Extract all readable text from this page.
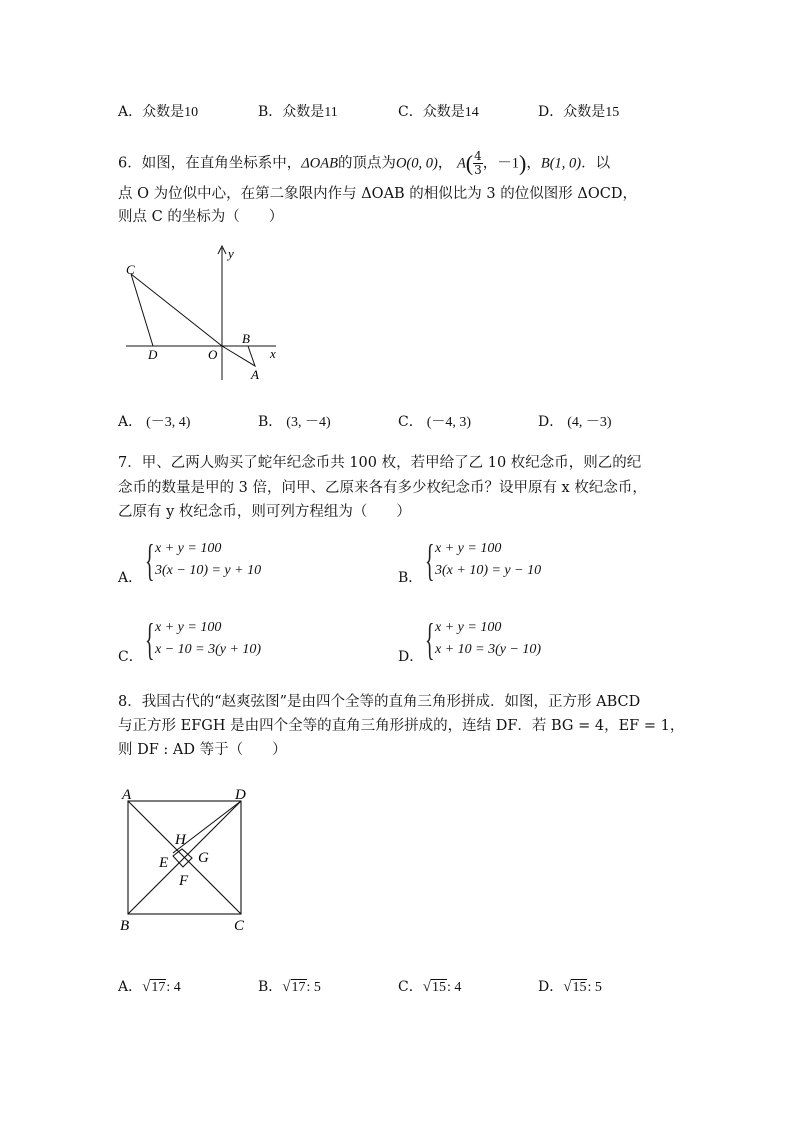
A．众数是10	B．众数是11	C．众数是14	D．众数是15
6．如图，在直角坐标系中，ΔOAB的顶点为O(0, 0)， $A( \frac{4}{3}$ ，－1)，B(1, 0)．以
点 O 为位似中心，在第二象限内作与 ΔOAB 的相似比为 3 的位似图形 ΔOCD，
则点 C 的坐标为（　　）
y
x
C
D	O
B
A
A． (－3, 4)	B． (3, －4)	C． (－4, 3)	D． (4, －3)
7．甲、乙两人购买了蛇年纪念币共 100 枚，若甲给了乙 10 枚纪念币，则乙的纪
念币的数量是甲的 3 倍，问甲、乙原来各有多少枚纪念币？设甲原有 x 枚纪念币，
乙原有 y 枚纪念币，则可列方程组为（　　）
A． { x + y = 100
3(x − 10) = y + 10	B． { x + y = 100
3(x + 10) = y − 10
C． { x + y = 100
x − 10 = 3(y + 10)	D． { x + y = 100
x + 10 = 3(y − 10)
8．我国古代的“赵爽弦图”是由四个全等的直角三角形拼成．如图，正方形 ABCD
与正方形 EFGH 是由四个全等的直角三角形拼成的，连结 DF．若 BG = 4，EF = 1，
则 DF : AD 等于（　　）
A	D
B	C
H
E G
F
A．√17: 4	B．√17: 5	C．√15: 4	D．√15: 5
